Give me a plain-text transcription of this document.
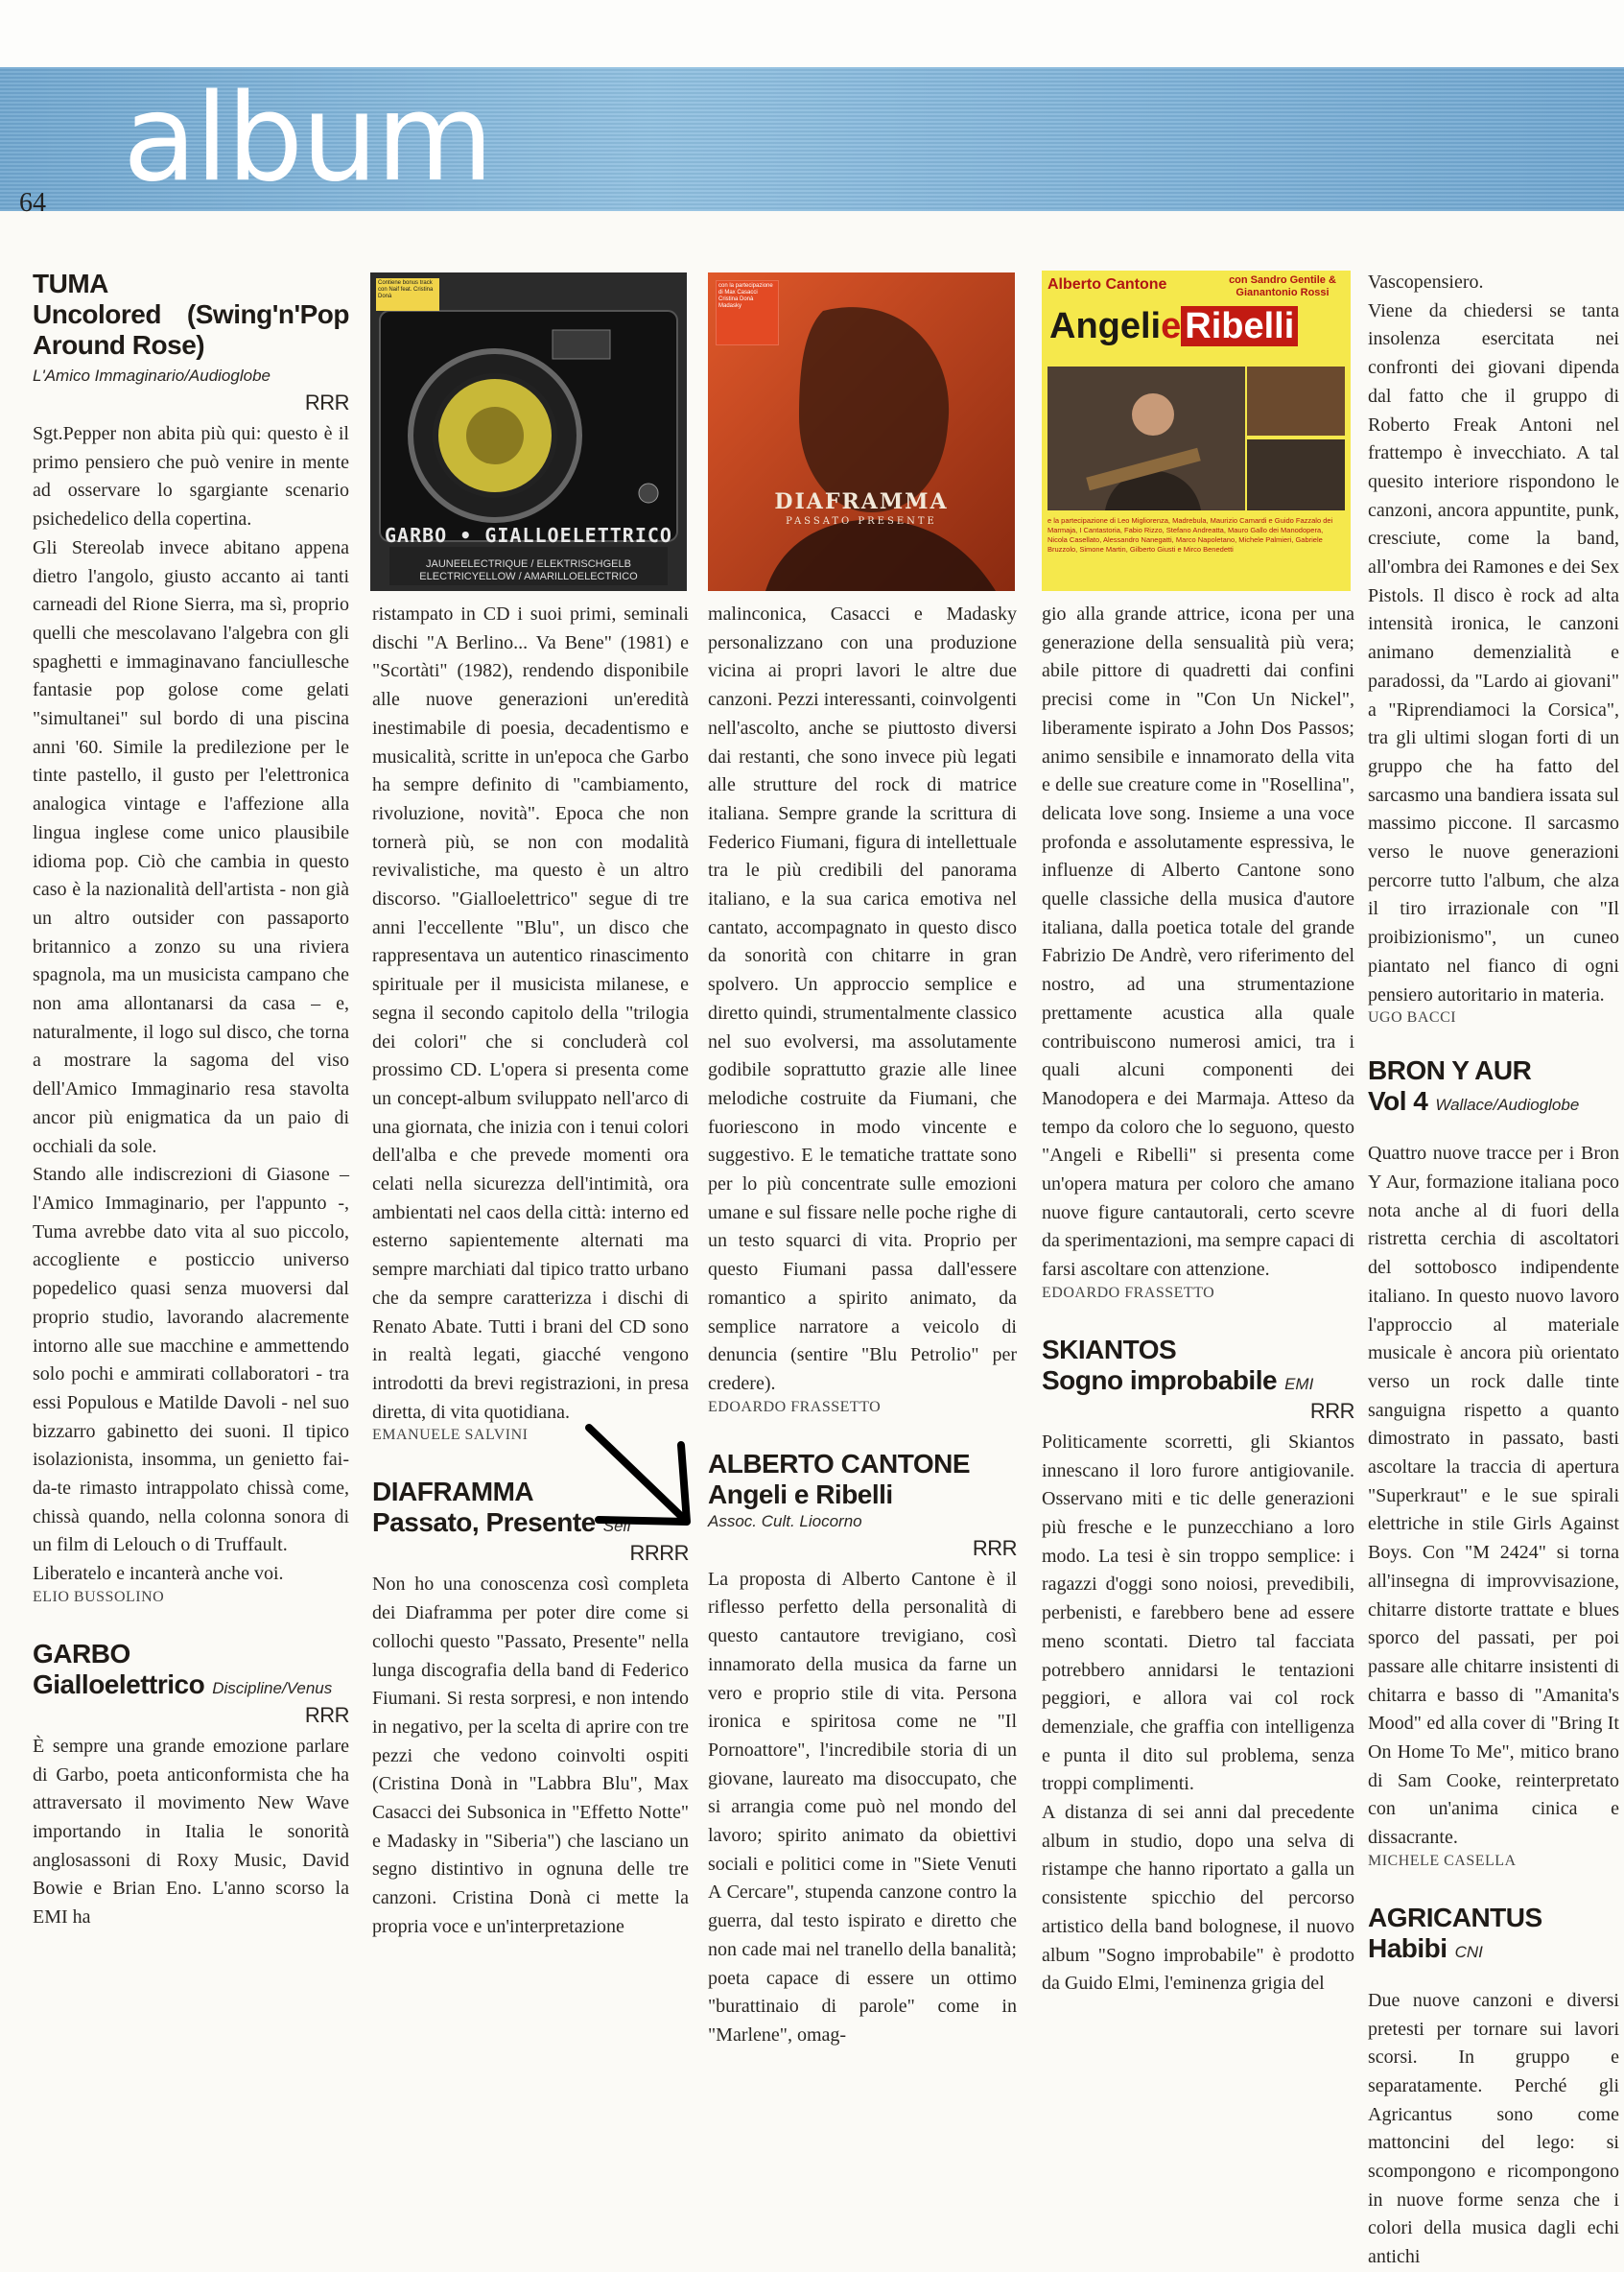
album
64
TUMA
Uncolored (Swing'n'Pop Around Rose)
L'Amico Immaginario/Audioglobe
RRR

Sgt.Pepper non abita più qui: questo è il primo pensiero che può venire in mente ad osservare lo sgargiante scenario psichedelico della copertina.

Gli Stereolab invece abitano appena dietro l'angolo, giusto accanto ai tanti carneadi del Rione Sierra, ma sì, proprio quelli che mescolavano l'algebra con gli spaghetti e immaginavano fanciullesche fantasie pop golose come gelati "simultanei" sul bordo di una piscina anni '60. Simile la predilezione per le tinte pastello, il gusto per l'elettronica analogica vintage e l'affezione alla lingua inglese come unico plausibile idioma pop. Ciò che cambia in questo caso è la nazionalità dell'artista - non già un altro outsider con passaporto britannico a zonzo su una riviera spagnola, ma un musicista campano che non ama allontanarsi da casa – e, naturalmente, il logo sul disco, che torna a mostrare la sagoma del viso dell'Amico Immaginario resa stavolta ancor più enigmatica da un paio di occhiali da sole.

Stando alle indiscrezioni di Giasone – l'Amico Immaginario, per l'appunto -, Tuma avrebbe dato vita al suo piccolo, accogliente e posticcio universo popedelico quasi senza muoversi dal proprio studio, lavorando alacremente intorno alle sue macchine e ammettendo solo pochi e ammirati collaboratori - tra essi Populous e Matilde Davoli - nel suo bizzarro gabinetto dei suoni. Il tipico isolazionista, insomma, un genietto fai-da-te rimasto intrappolato chissà come, chissà quando, nella colonna sonora di un film di Lelouch o di Truffault.

Liberatelo e incanterà anche voi.

ELIO BUSSOLINO
GARBO
Gialloelettrico Discipline/Venus
RRR
È sempre una grande emozione parlare di Garbo, poeta anticonformista che ha attraversato il movimento New Wave importando in Italia le sonorità anglosassoni di Roxy Music, David Bowie e Brian Eno. L'anno scorso la EMI ha
Contiene bonus track con Naif feat. Cristina Donà
GARBO • GIALLOELETTRICO
JAUNEELECTRIQUE / ELEKTRISCHGELB ELECTRICYELLOW / AMARILLOELECTRICO
ristampato in CD i suoi primi, seminali dischi "A Berlino... Va Bene" (1981) e "Scortàti" (1982), rendendo disponibile alle nuove generazioni un'eredità inestimabile di poesia, decadentismo e musicalità, scritte in un'epoca che Garbo ha sempre definito di "cambiamento, rivoluzione, novità". Epoca che non tornerà più, se non con modalità revivalistiche, ma questo è un altro discorso. "Gialloelettrico" segue di tre anni l'eccellente "Blu", un disco che rappresentava un autentico rinascimento spirituale per il musicista milanese, e segna il secondo capitolo della "trilogia dei colori" che si concluderà col prossimo CD. L'opera si presenta come un concept-album sviluppato nell'arco di una giornata, che inizia con i tenui colori dell'alba e che prevede momenti ora celati nella sicurezza dell'intimità, ora ambientati nel caos della città: interno ed esterno sapientemente alternati ma sempre marchiati dal tipico tratto urbano che da sempre caratterizza i dischi di Renato Abate. Tutti i brani del CD sono in realtà legati, giacché vengono introdotti da brevi registrazioni, in presa diretta, di vita quotidiana.
EMANUELE SALVINI
DIAFRAMMA
Passato, Presente Self
RRRR
Non ho una conoscenza così completa dei Diaframma per poter dire come si collochi questo "Passato, Presente" nella lunga discografia della band di Federico Fiumani. Si resta sorpresi, e non intendo in negativo, per la scelta di aprire con tre pezzi che vedono coinvolti ospiti (Cristina Donà in "Labbra Blu", Max Casacci dei Subsonica in "Effetto Notte" e Madasky in "Siberia") che lasciano un segno distintivo in ognuna delle tre canzoni. Cristina Donà ci mette la propria voce e un'interpretazione
con la partecipazione di Max Casacci Cristina Donà Madasky
DIAFRAMMA
PASSATO PRESENTE
malinconica, Casacci e Madasky personalizzano con una produzione vicina ai propri lavori le altre due canzoni. Pezzi interessanti, coinvolgenti nell'ascolto, anche se piuttosto diversi dai restanti, che sono invece più legati alle strutture del rock di matrice italiana. Sempre grande la scrittura di Federico Fiumani, figura di intellettuale tra le più credibili del panorama italiano, e la sua carica emotiva nel cantato, accompagnato in questo disco da sonorità con chitarre in gran spolvero. Un approccio semplice e diretto quindi, strumentalmente classico nel suo evolversi, ma assolutamente godibile soprattutto grazie alle linee melodiche costruite da Fiumani, che fuoriescono in modo vincente e suggestivo. E le tematiche trattate sono per lo più concentrate sulle emozioni umane e sul fissare nelle poche righe di un testo squarci di vita. Proprio per questo Fiumani passa dall'essere romantico a spirito animato, da semplice narratore a veicolo di denuncia (sentire "Blu Petrolio" per credere).
EDOARDO FRASSETTO
ALBERTO CANTONE
Angeli e Ribelli
Assoc. Cult. Liocorno
RRR
La proposta di Alberto Cantone è il riflesso perfetto della personalità di questo cantautore trevigiano, così innamorato della musica da farne un vero e proprio stile di vita. Persona ironica e spiritosa come ne "Il Pornoattore", l'incredibile storia di un giovane, laureato ma disoccupato, che si arrangia come può nel mondo del lavoro; spirito animato da obiettivi sociali e politici come in "Siete Venuti A Cercare", stupenda canzone contro la guerra, dal testo ispirato e diretto che non cade mai nel tranello della banalità; poeta capace di essere un ottimo "burattinaio di parole" come in "Marlene", omag-
Alberto Cantone	con Sandro Gentile & Gianantonio Rossi
Angelie Ribelli
e la partecipazione di Leo Migliorenza, Madrebula, Maurizio Camardi e Guido Fazzalo dei Marmaja, I Cantastoria, Fabio Rizzo, Stefano Andreatta, Mauro Gallo dei Manodopera, Nicola Casellato, Alessandro Nanegatti, Marco Napoletano, Michele Palmieri, Gabriele Bruzzolo, Simone Martin, Gilberto Giusti e Mirco Benedetti
gio alla grande attrice, icona per una generazione della sensualità più vera; abile pittore di quadretti dai confini precisi come in "Con Un Nickel", liberamente ispirato a John Dos Passos; animo sensibile e innamorato della vita e delle sue creature come in "Rosellina", delicata love song. Insieme a una voce profonda e assolutamente espressiva, le influenze di Alberto Cantone sono quelle classiche della musica d'autore italiana, dalla poetica totale del grande Fabrizio De Andrè, vero riferimento del nostro, ad una strumentazione prettamente acustica alla quale contribuiscono numerosi amici, tra i quali alcuni componenti dei Manodopera e dei Marmaja. Atteso da tempo da coloro che lo seguono, questo "Angeli e Ribelli" si presenta come un'opera matura per coloro che amano nuove figure cantautorali, certo scevre da sperimentazioni, ma sempre capaci di farsi ascoltare con attenzione.
EDOARDO FRASSETTO
SKIANTOS
Sogno improbabile EMI
RRR

Politicamente scorretti, gli Skiantos innescano il loro furore antigiovanile. Osservano miti e tic delle generazioni più fresche e le punzecchiano a loro modo. La tesi è sin troppo semplice: i ragazzi d'oggi sono noiosi, prevedibili, perbenisti, e farebbero bene ad essere meno scontati. Dietro tal facciata potrebbero annidarsi le tentazioni peggiori, e allora vai col rock demenziale, che graffia con intelligenza e punta il dito sul problema, senza troppi complimenti.

A distanza di sei anni dal precedente album in studio, dopo una selva di ristampe che hanno riportato a galla un consistente spicchio del percorso artistico della band bolognese, il nuovo album "Sogno improbabile" è prodotto da Guido Elmi, l'eminenza grigia del

Vascopensiero.
Viene da chiedersi se tanta insolenza esercitata nei confronti dei giovani dipenda dal fatto che il gruppo di Roberto Freak Antoni nel frattempo è invecchiato. A tal quesito interiore rispondono le canzoni, ancora appuntite, punk, cresciute, come la band, all'ombra dei Ramones e dei Sex Pistols. Il disco è rock ad alta intensità ironica, le canzoni animano demenzialità e paradossi, da "Lardo ai giovani" a "Riprendiamoci la Corsica", tra gli ultimi slogan forti di un gruppo che ha fatto del sarcasmo una bandiera issata sul massimo piccone. Il sarcasmo verso le nuove generazioni percorre tutto l'album, che alza il tiro irrazionale con "Il proibizionismo", un cuneo piantato nel fianco di ogni pensiero autoritario in materia.
UGO BACCI
BRON Y AUR
Vol 4 Wallace/Audioglobe
Quattro nuove tracce per i Bron Y Aur, formazione italiana poco nota anche al di fuori della ristretta cerchia di ascoltatori del sottobosco indipendente italiano. In questo nuovo lavoro l'approccio al materiale musicale è ancora più orientato verso un rock dalle tinte sanguigna rispetto a quanto dimostrato in passato, basti ascoltare la traccia di apertura "Superkraut" e le sue spirali elettriche in stile Girls Against Boys. Con "M 2424" si torna all'insegna di improvvisazione, chitarre distorte trattate e blues sporco del passati, per poi passare alle chitarre insistenti di chitarra e basso di "Amanita's Mood" ed alla cover di "Bring It On Home To Me", mitico brano di Sam Cooke, reinterpretato con un'anima cinica e dissacrante.
MICHELE CASELLA
AGRICANTUS
Habibi CNI
Due nuove canzoni e diversi pretesti per tornare sui lavori scorsi. In gruppo e separatamente. Perché gli Agricantus sono come mattoncini del lego: si scompongono e ricompongono in nuove forme senza che i colori della musica dagli echi antichi
